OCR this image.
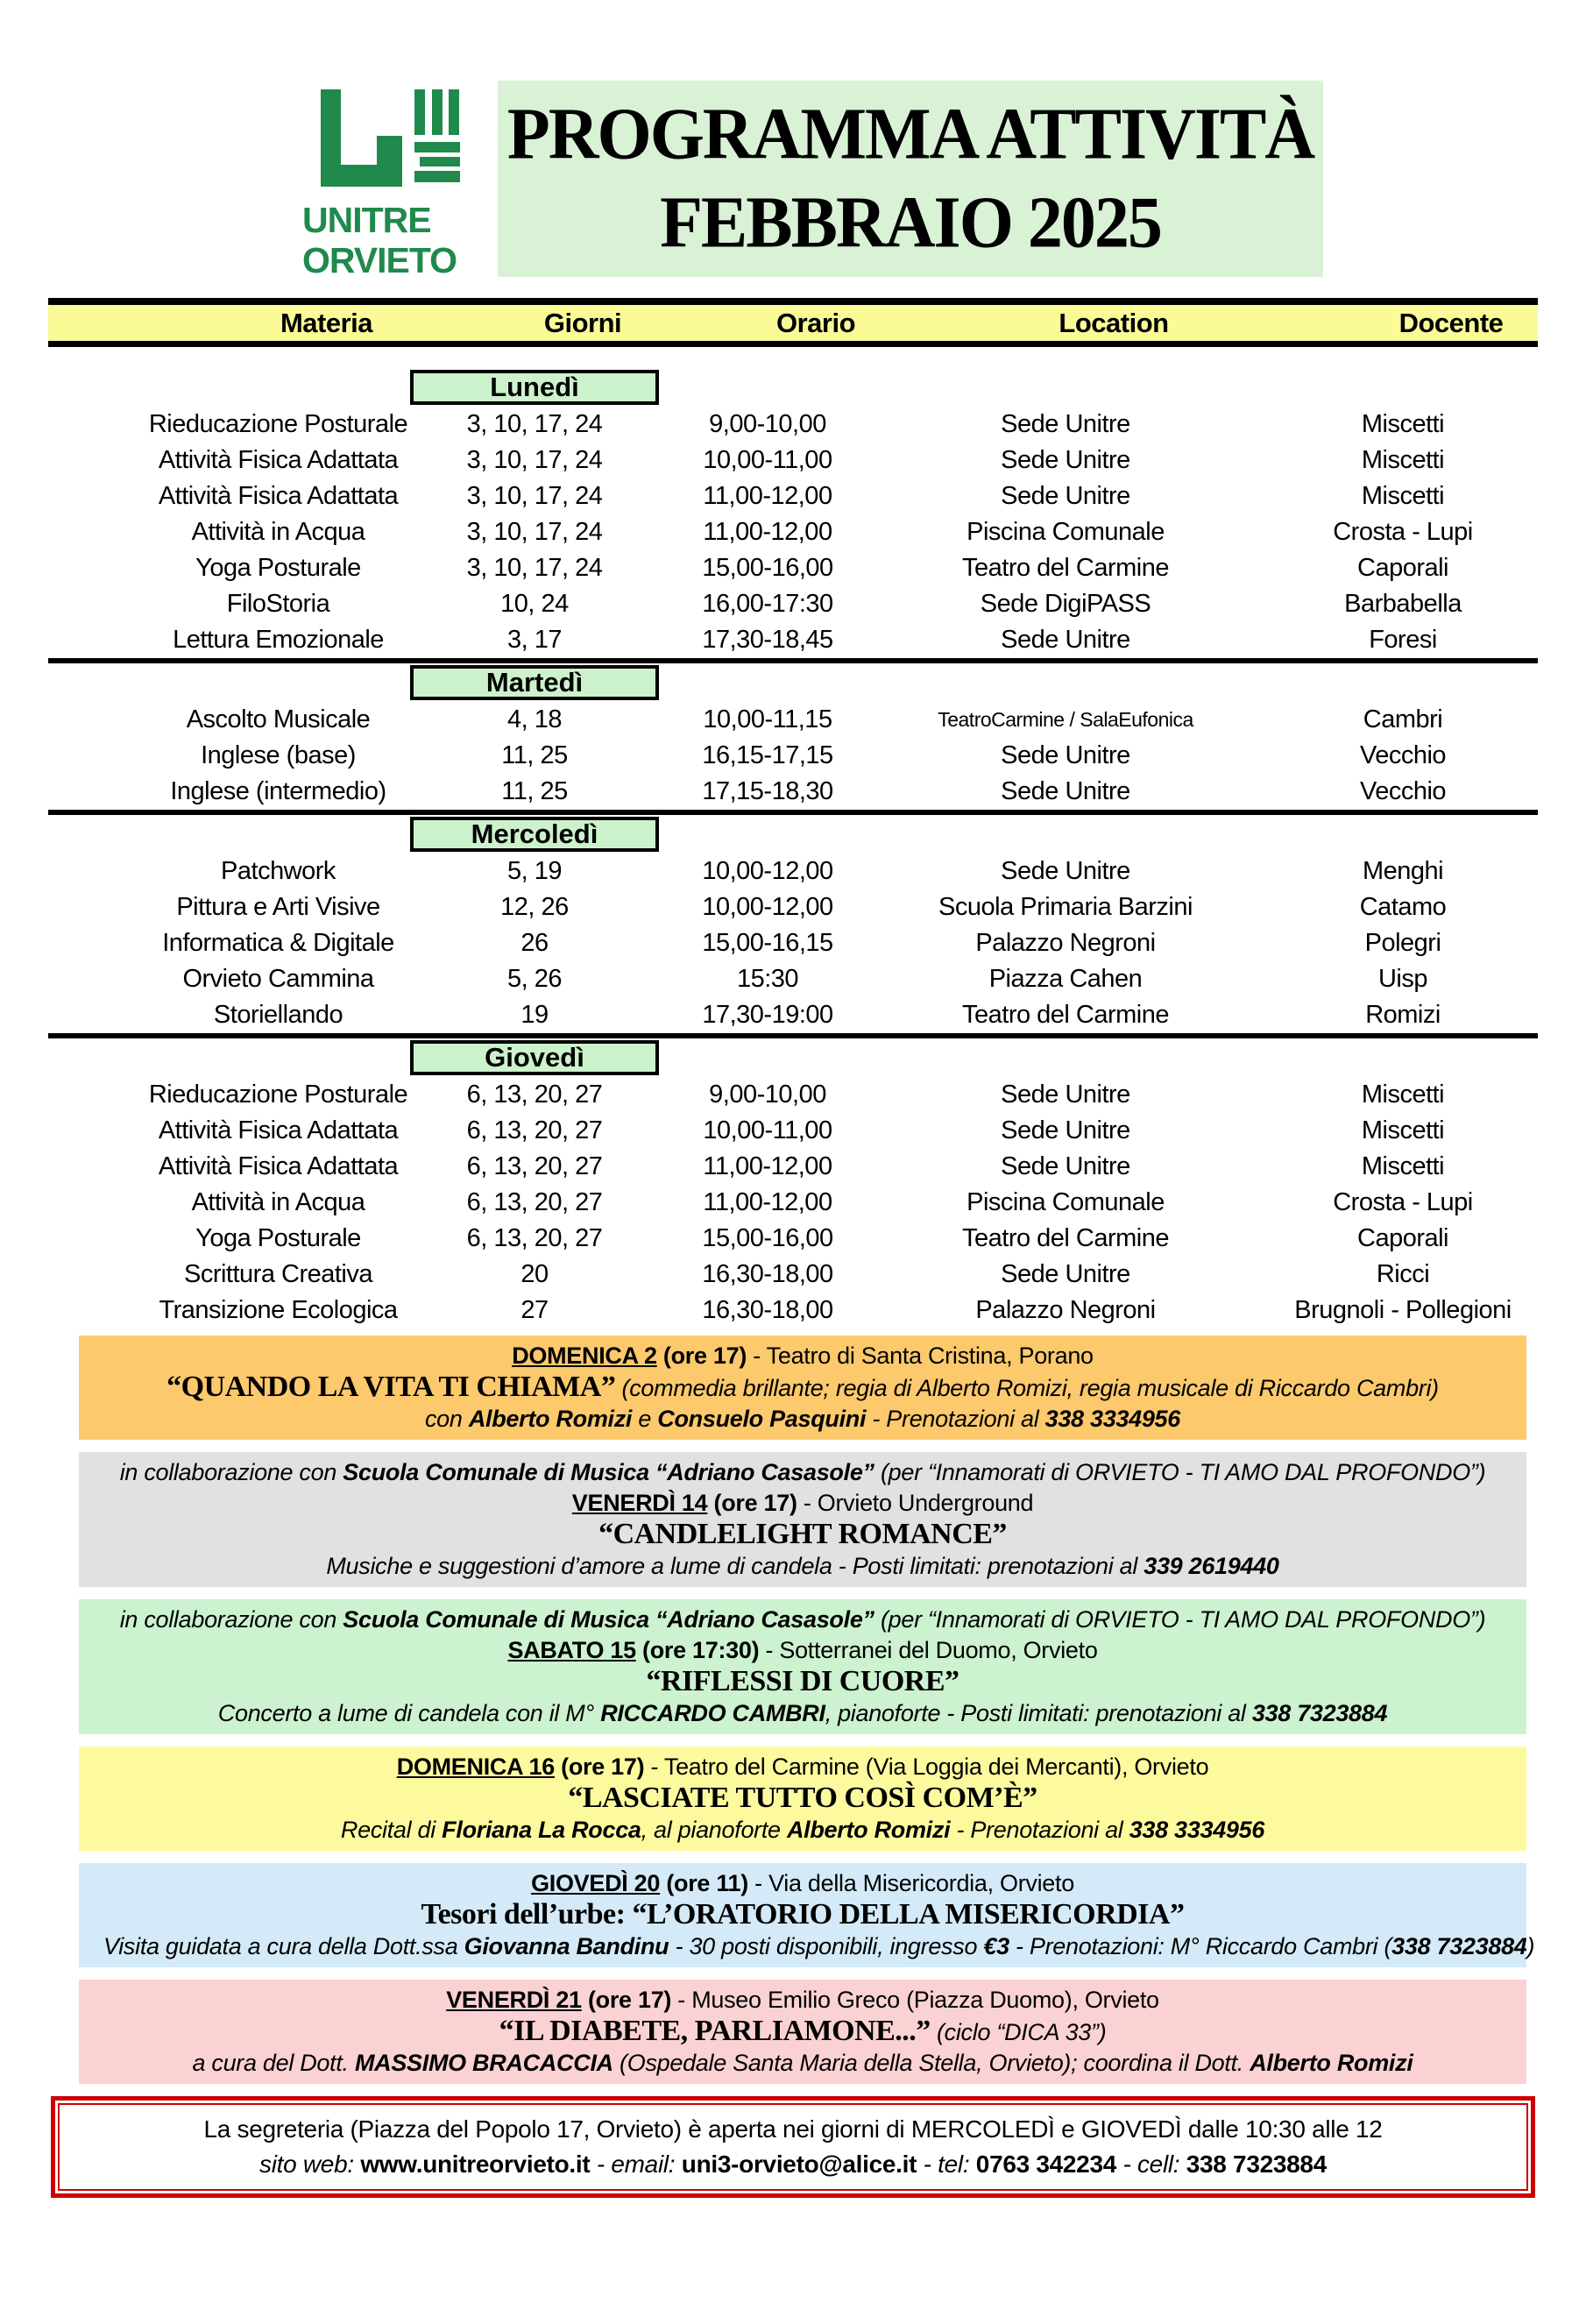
UNITRE
ORVIETO
PROGRAMMA ATTIVITÀ
FEBBRAIO 2025
Materia	Giorni	Orario	Location	Docente
Lunedì
Rieducazione Posturale	3, 10, 17, 24	9,00-10,00	Sede Unitre	Miscetti
Attività Fisica Adattata	3, 10, 17, 24	10,00-11,00	Sede Unitre	Miscetti
Attività Fisica Adattata	3, 10, 17, 24	11,00-12,00	Sede Unitre	Miscetti
Attività in Acqua	3, 10, 17, 24	11,00-12,00	Piscina Comunale	Crosta - Lupi
Yoga Posturale	3, 10, 17, 24	15,00-16,00	Teatro del Carmine	Caporali
FiloStoria	10, 24	16,00-17:30	Sede DigiPASS	Barbabella
Lettura Emozionale	3, 17	17,30-18,45	Sede Unitre	Foresi
Martedì
Ascolto Musicale	4, 18	10,00-11,15	TeatroCarmine / SalaEufonica	Cambri
Inglese (base)	11, 25	16,15-17,15	Sede Unitre	Vecchio
Inglese (intermedio)	11, 25	17,15-18,30	Sede Unitre	Vecchio
Mercoledì
Patchwork	5, 19	10,00-12,00	Sede Unitre	Menghi
Pittura e Arti Visive	12, 26	10,00-12,00	Scuola Primaria Barzini	Catamo
Informatica & Digitale	26	15,00-16,15	Palazzo Negroni	Polegri
Orvieto Cammina	5, 26	15:30	Piazza Cahen	Uisp
Storiellando	19	17,30-19:00	Teatro del Carmine	Romizi
Giovedì
Rieducazione Posturale	6, 13, 20, 27	9,00-10,00	Sede Unitre	Miscetti
Attività Fisica Adattata	6, 13, 20, 27	10,00-11,00	Sede Unitre	Miscetti
Attività Fisica Adattata	6, 13, 20, 27	11,00-12,00	Sede Unitre	Miscetti
Attività in Acqua	6, 13, 20, 27	11,00-12,00	Piscina Comunale	Crosta - Lupi
Yoga Posturale	6, 13, 20, 27	15,00-16,00	Teatro del Carmine	Caporali
Scrittura Creativa	20	16,30-18,00	Sede Unitre	Ricci
Transizione Ecologica	27	16,30-18,00	Palazzo Negroni	Brugnoli - Pollegioni
DOMENICA 2 (ore 17) - Teatro di Santa Cristina, Porano
“QUANDO LA VITA TI CHIAMA” (commedia brillante; regia di Alberto Romizi, regia musicale di Riccardo Cambri)
con Alberto Romizi e Consuelo Pasquini - Prenotazioni al 338 3334956
in collaborazione con Scuola Comunale di Musica “Adriano Casasole” (per “Innamorati di ORVIETO - TI AMO DAL PROFONDO”)
VENERDÌ 14 (ore 17) - Orvieto Underground
“CANDLELIGHT ROMANCE”
Musiche e suggestioni d’amore a lume di candela - Posti limitati: prenotazioni al 339 2619440
in collaborazione con Scuola Comunale di Musica “Adriano Casasole” (per “Innamorati di ORVIETO - TI AMO DAL PROFONDO”)
SABATO 15 (ore 17:30) - Sotterranei del Duomo, Orvieto
“RIFLESSI DI CUORE”
Concerto a lume di candela con il M° RICCARDO CAMBRI, pianoforte - Posti limitati: prenotazioni al 338 7323884
DOMENICA 16 (ore 17) - Teatro del Carmine (Via Loggia dei Mercanti), Orvieto
“LASCIATE TUTTO COSÌ COM’È”
Recital di Floriana La Rocca, al pianoforte Alberto Romizi - Prenotazioni al 338 3334956
GIOVEDÌ 20 (ore 11) - Via della Misericordia, Orvieto
Tesori dell’urbe: “L’ORATORIO DELLA MISERICORDIA”
Visita guidata a cura della Dott.ssa Giovanna Bandinu - 30 posti disponibili, ingresso €3 - Prenotazioni: M° Riccardo Cambri (338 7323884)
VENERDÌ 21 (ore 17) - Museo Emilio Greco (Piazza Duomo), Orvieto
“IL DIABETE, PARLIAMONE...” (ciclo “DICA 33”)
a cura del Dott. MASSIMO BRACACCIA (Ospedale Santa Maria della Stella, Orvieto); coordina il Dott. Alberto Romizi
La segreteria (Piazza del Popolo 17, Orvieto) è aperta nei giorni di MERCOLEDÌ e GIOVEDÌ dalle 10:30 alle 12
sito web: www.unitreorvieto.it - email: uni3-orvieto@alice.it - tel: 0763 342234 - cell: 338 7323884
